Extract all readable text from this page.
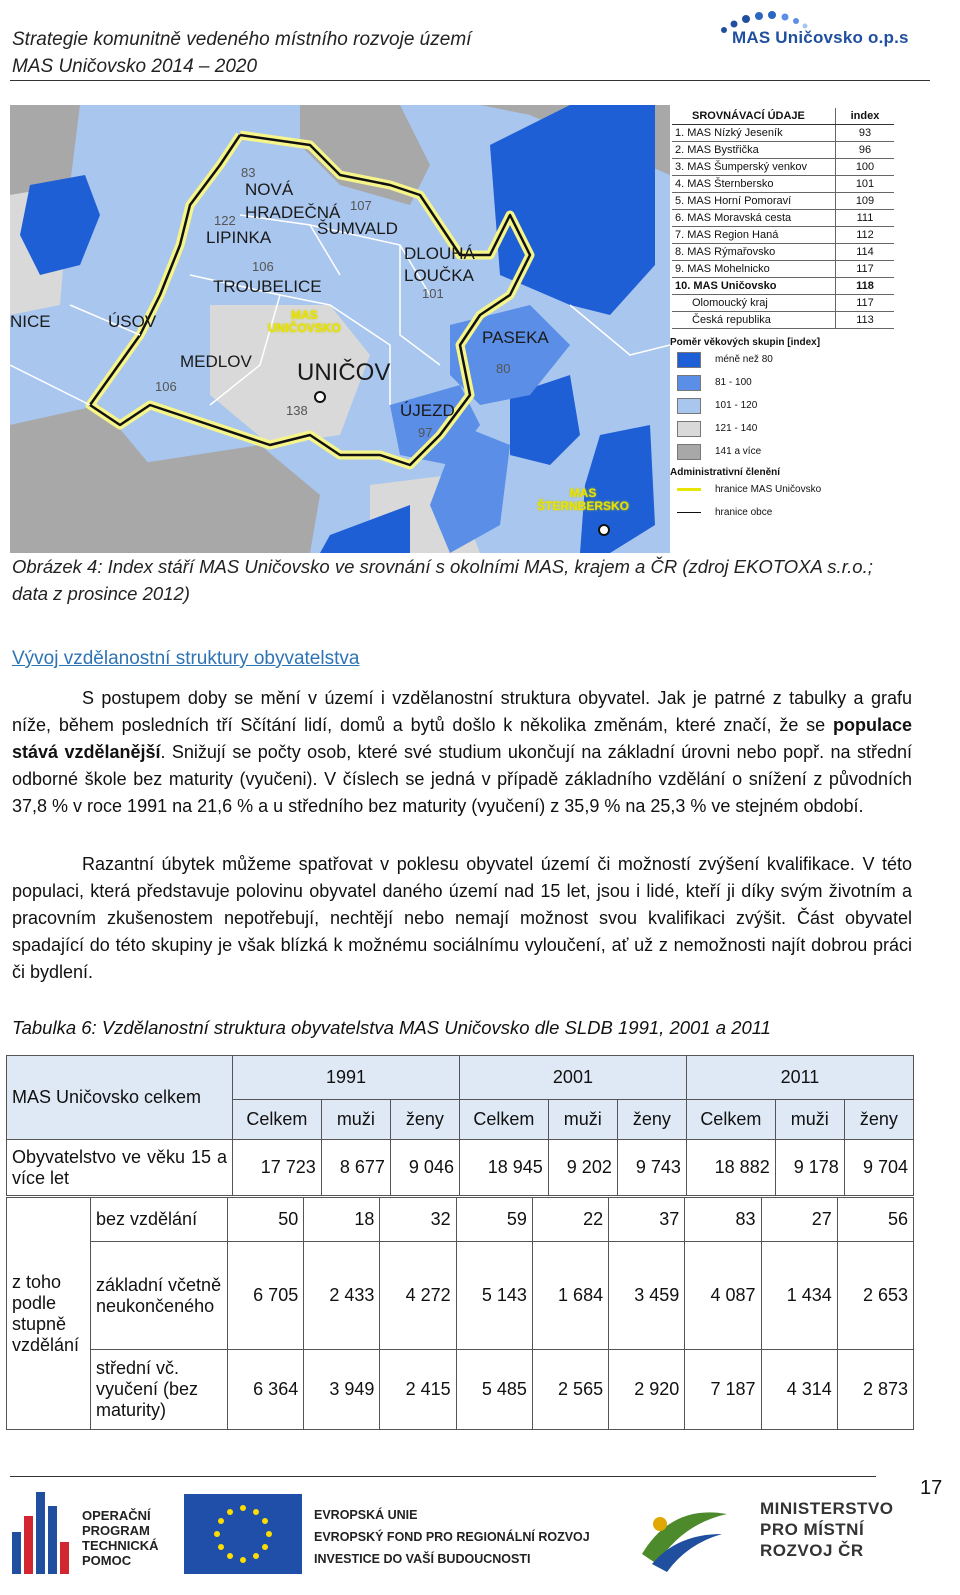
Strategie komunitně vedeného místního rozvoje území
MAS Uničovsko 2014 – 2020
MAS Uničovsko o.p.s
83
NOVÁ
HRADEČNÁ 107
ŠUMVALD
122
LIPINKA
DLOUHÁ
LOUČKA
101
106
TROUBELICE
ÚSOV
MEDLOV
106
UNIČOV
138
PASEKA
80
ÚJEZD
97
NICE	MAS
UNIČOVSKO
MAS
ŠTERNBERSKO
SROVNÁVACÍ ÚDAJE	index
1. MAS Nízký Jeseník	93
2. MAS Bystřička	96
3. MAS Šumperský venkov	100
4. MAS Šternbersko	101
5. MAS Horní Pomoraví	109
6. MAS Moravská cesta	111
7. MAS Region Haná	112
8. MAS Rýmařovsko	114
9. MAS Mohelnicko	117
10. MAS Uničovsko	118
Olomoucký kraj	117
Česká republika	113
Poměr věkových skupin [index]
méně než 80
81 - 100
101 - 120
121 - 140
141 a více
Administrativní členění
hranice MAS Uničovsko
hranice obce
Obrázek 4: Index stáří MAS Uničovsko ve srovnání s okolními MAS, krajem a ČR (zdroj EKOTOXA s.r.o.;
data z prosince 2012)
Vývoj vzdělanostní struktury obyvatelstva
S postupem doby se mění v území i vzdělanostní struktura obyvatel. Jak je patrné z tabulky a grafu níže, během posledních tří Sčítání lidí, domů a bytů došlo k několika změnám, které značí, že se populace stává vzdělanější. Snižují se počty osob, které své studium ukončují na základní úrovni nebo popř. na střední odborné škole bez maturity (vyučeni). V číslech se jedná v případě základního vzdělání o snížení z původních 37,8 % v roce 1991 na 21,6 % a u středního bez maturity (vyučení) z 35,9 % na 25,3 % ve stejném období.
Razantní úbytek můžeme spatřovat v poklesu obyvatel území či možností zvýšení kvalifikace. V této populaci, která představuje polovinu obyvatel daného území nad 15 let, jsou i lidé, kteří ji díky svým životním a pracovním zkušenostem nepotřebují, nechtějí nebo nemají možnost svou kvalifikaci zvýšit. Část obyvatel spadající do této skupiny je však blízká k možnému sociálnímu vyloučení, ať už z nemožnosti najít dobrou práci či bydlení.
Tabulka 6: Vzdělanostní struktura obyvatelstva MAS Uničovsko dle SLDB 1991, 2001 a 2011
MAS Uničovsko celkem	1991			2001			2011		
	Celkem	muži	ženy	Celkem	muži	ženy	Celkem	muži	ženy
Obyvatelstvo ve věku 15 a více let	17 723	8 677	9 046	18 945	9 202	9 743	18 882	9 178	9 704
z toho podle stupně vzdělání	bez vzdělání	50	18	32	59	22	37	83	27	56
	základní včetně neukončeného	6 705	2 433	4 272	5 143	1 684	3 459	4 087	1 434	2 653
	střední vč. vyučení (bez maturity)	6 364	3 949	2 415	5 485	2 565	2 920	7 187	4 314	2 873
17
OPERAČNÍ
PROGRAM
TECHNICKÁ
POMOC
EVROPSKÁ UNIE
EVROPSKÝ FOND PRO REGIONÁLNÍ ROZVOJ
INVESTICE DO VAŠÍ BUDOUCNOSTI
MINISTERSTVO
PRO MÍSTNÍ
ROZVOJ ČR
